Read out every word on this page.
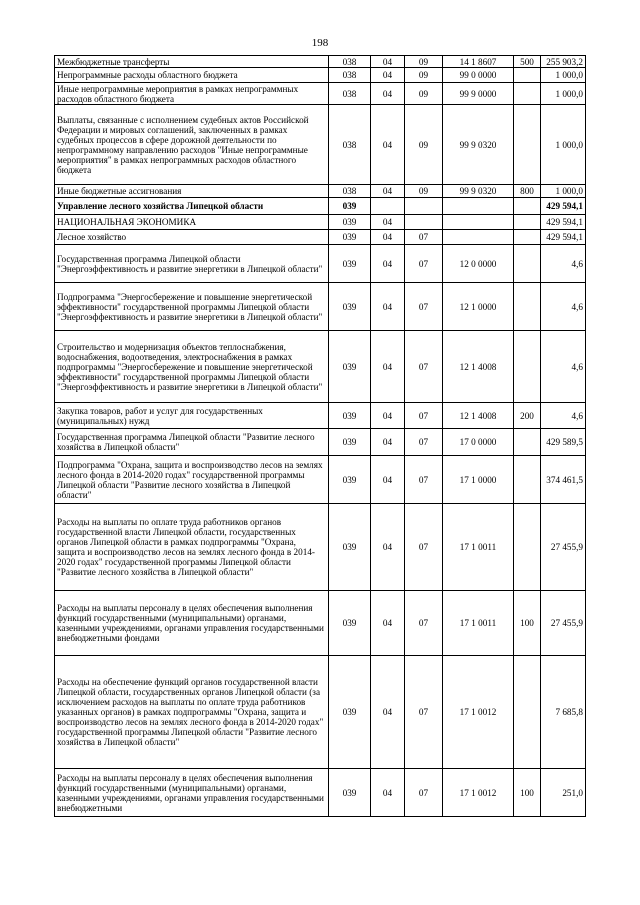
198
Межбюджетные трансферты	038	04	09	14 1 8607	500	255 903,2
Непрограммные расходы областного бюджета	038	04	09	99 0 0000		1 000,0
Иные непрограммные мероприятия в рамках непрограммных расходов областного бюджета	038	04	09	99 9 0000		1 000,0
Выплаты, связанные с исполнением судебных актов Российской Федерации и мировых соглашений, заключенных в рамках судебных процессов в сфере дорожной деятельности по непрограммному направлению расходов "Иные непрограммные мероприятия" в рамках непрограммных расходов областного бюджета	038	04	09	99 9 0320		1 000,0
Иные бюджетные ассигнования	038	04	09	99 9 0320	800	1 000,0
Управление лесного хозяйства Липецкой области	039					429 594,1
НАЦИОНАЛЬНАЯ ЭКОНОМИКА	039	04				429 594,1
Лесное хозяйство	039	04	07			429 594,1
Государственная программа Липецкой области "Энергоэффективность и развитие энергетики в Липецкой области"	039	04	07	12 0 0000		4,6
Подпрограмма "Энергосбережение и повышение энергетической эффективности" государственной программы Липецкой области "Энергоэффективность и развитие энергетики в Липецкой области"	039	04	07	12 1 0000		4,6
Строительство и модернизация объектов теплоснабжения, водоснабжения, водоотведения, электроснабжения в рамках подпрограммы "Энергосбережение и повышение энергетической эффективности" государственной программы Липецкой области "Энергоэффективность и развитие энергетики в Липецкой области"	039	04	07	12 1 4008		4,6
Закупка товаров, работ и услуг для государственных (муниципальных) нужд	039	04	07	12 1 4008	200	4,6
Государственная программа Липецкой области "Развитие лесного хозяйства в Липецкой области"	039	04	07	17 0 0000		429 589,5
Подпрограмма "Охрана, защита и воспроизводство лесов на землях лесного фонда в 2014-2020 годах" государственной программы Липецкой области "Развитие лесного хозяйства в Липецкой области"	039	04	07	17 1 0000		374 461,5
Расходы на выплаты по оплате труда работников органов государственной власти Липецкой области, государственных органов Липецкой области в рамках подпрограммы "Охрана, защита и воспроизводство лесов на землях лесного фонда в 2014-2020 годах" государственной программы Липецкой области "Развитие лесного хозяйства в Липецкой области"	039	04	07	17 1 0011		27 455,9
Расходы на выплаты персоналу в целях обеспечения выполнения функций государственными (муниципальными) органами, казенными учреждениями, органами управления государственными внебюджетными фондами	039	04	07	17 1 0011	100	27 455,9
Расходы на обеспечение функций органов государственной власти Липецкой области, государственных органов Липецкой области (за исключением расходов на выплаты по оплате труда работников указанных органов) в рамках подпрограммы "Охрана, защита и воспроизводство лесов на землях лесного фонда в 2014-2020 годах" государственной программы Липецкой области "Развитие лесного хозяйства в Липецкой области"	039	04	07	17 1 0012		7 685,8
Расходы на выплаты персоналу в целях обеспечения выполнения функций государственными (муниципальными) органами, казенными учреждениями, органами управления государственными внебюджетными	039	04	07	17 1 0012	100	251,0
